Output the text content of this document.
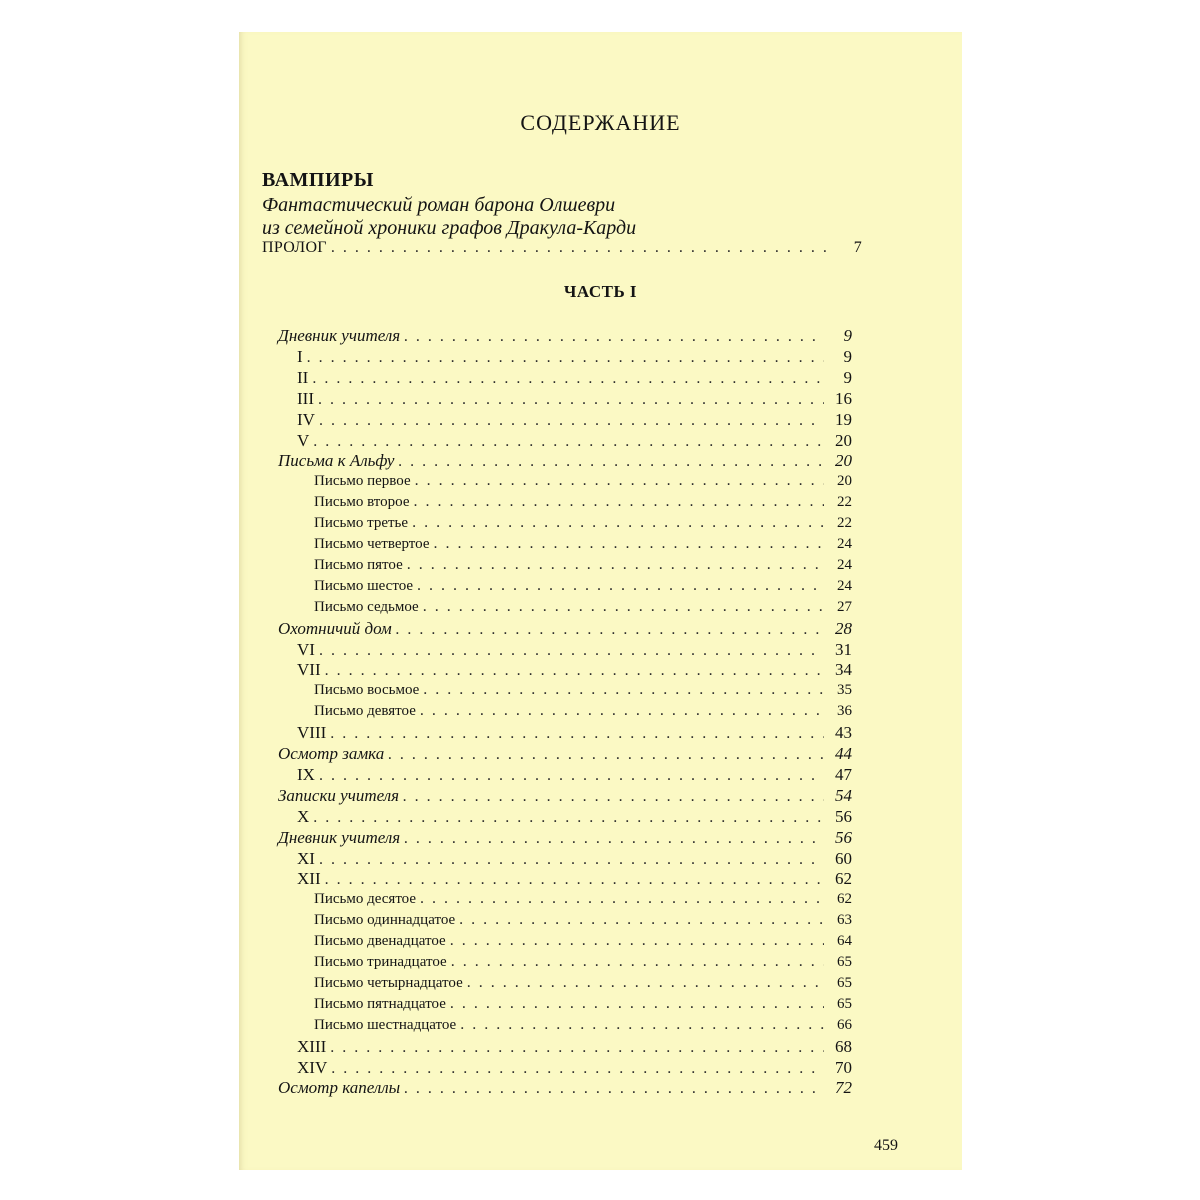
СОДЕРЖАНИЕ
ВАМПИРЫ
Фантастический роман барона Олшеври
из семейной хроники графов Дракула-Карди
ПРОЛОГ . . .	7
ЧАСТЬ I
Дневник учителя . . .	9
I . . .	9
II . . .	9
III . . .	16
IV . . .	19
V . . .	20
Письма к Альфу . . .	20
Письмо первое . . .	20
Письмо второе . . .	22
Письмо третье . . .	22
Письмо четвертое . . .	24
Письмо пятое . . .	24
Письмо шестое . . .	24
Письмо седьмое . . .	27
Охотничий дом . . .	28
VI . . .	31
VII . . .	34
Письмо восьмое . . .	35
Письмо девятое . . .	36
VIII . . .	43
Осмотр замка . . .	44
IX . . .	47
Записки учителя . . .	54
X . . .	56
Дневник учителя . . .	56
XI . . .	60
XII . . .	62
Письмо десятое . . .	62
Письмо одиннадцатое . . .	63
Письмо двенадцатое . . .	64
Письмо тринадцатое . . .	65
Письмо четырнадцатое . . .	65
Письмо пятнадцатое . . .	65
Письмо шестнадцатое . . .	66
XIII . . .	68
XIV . . .	70
Осмотр капеллы . . .	72
459
